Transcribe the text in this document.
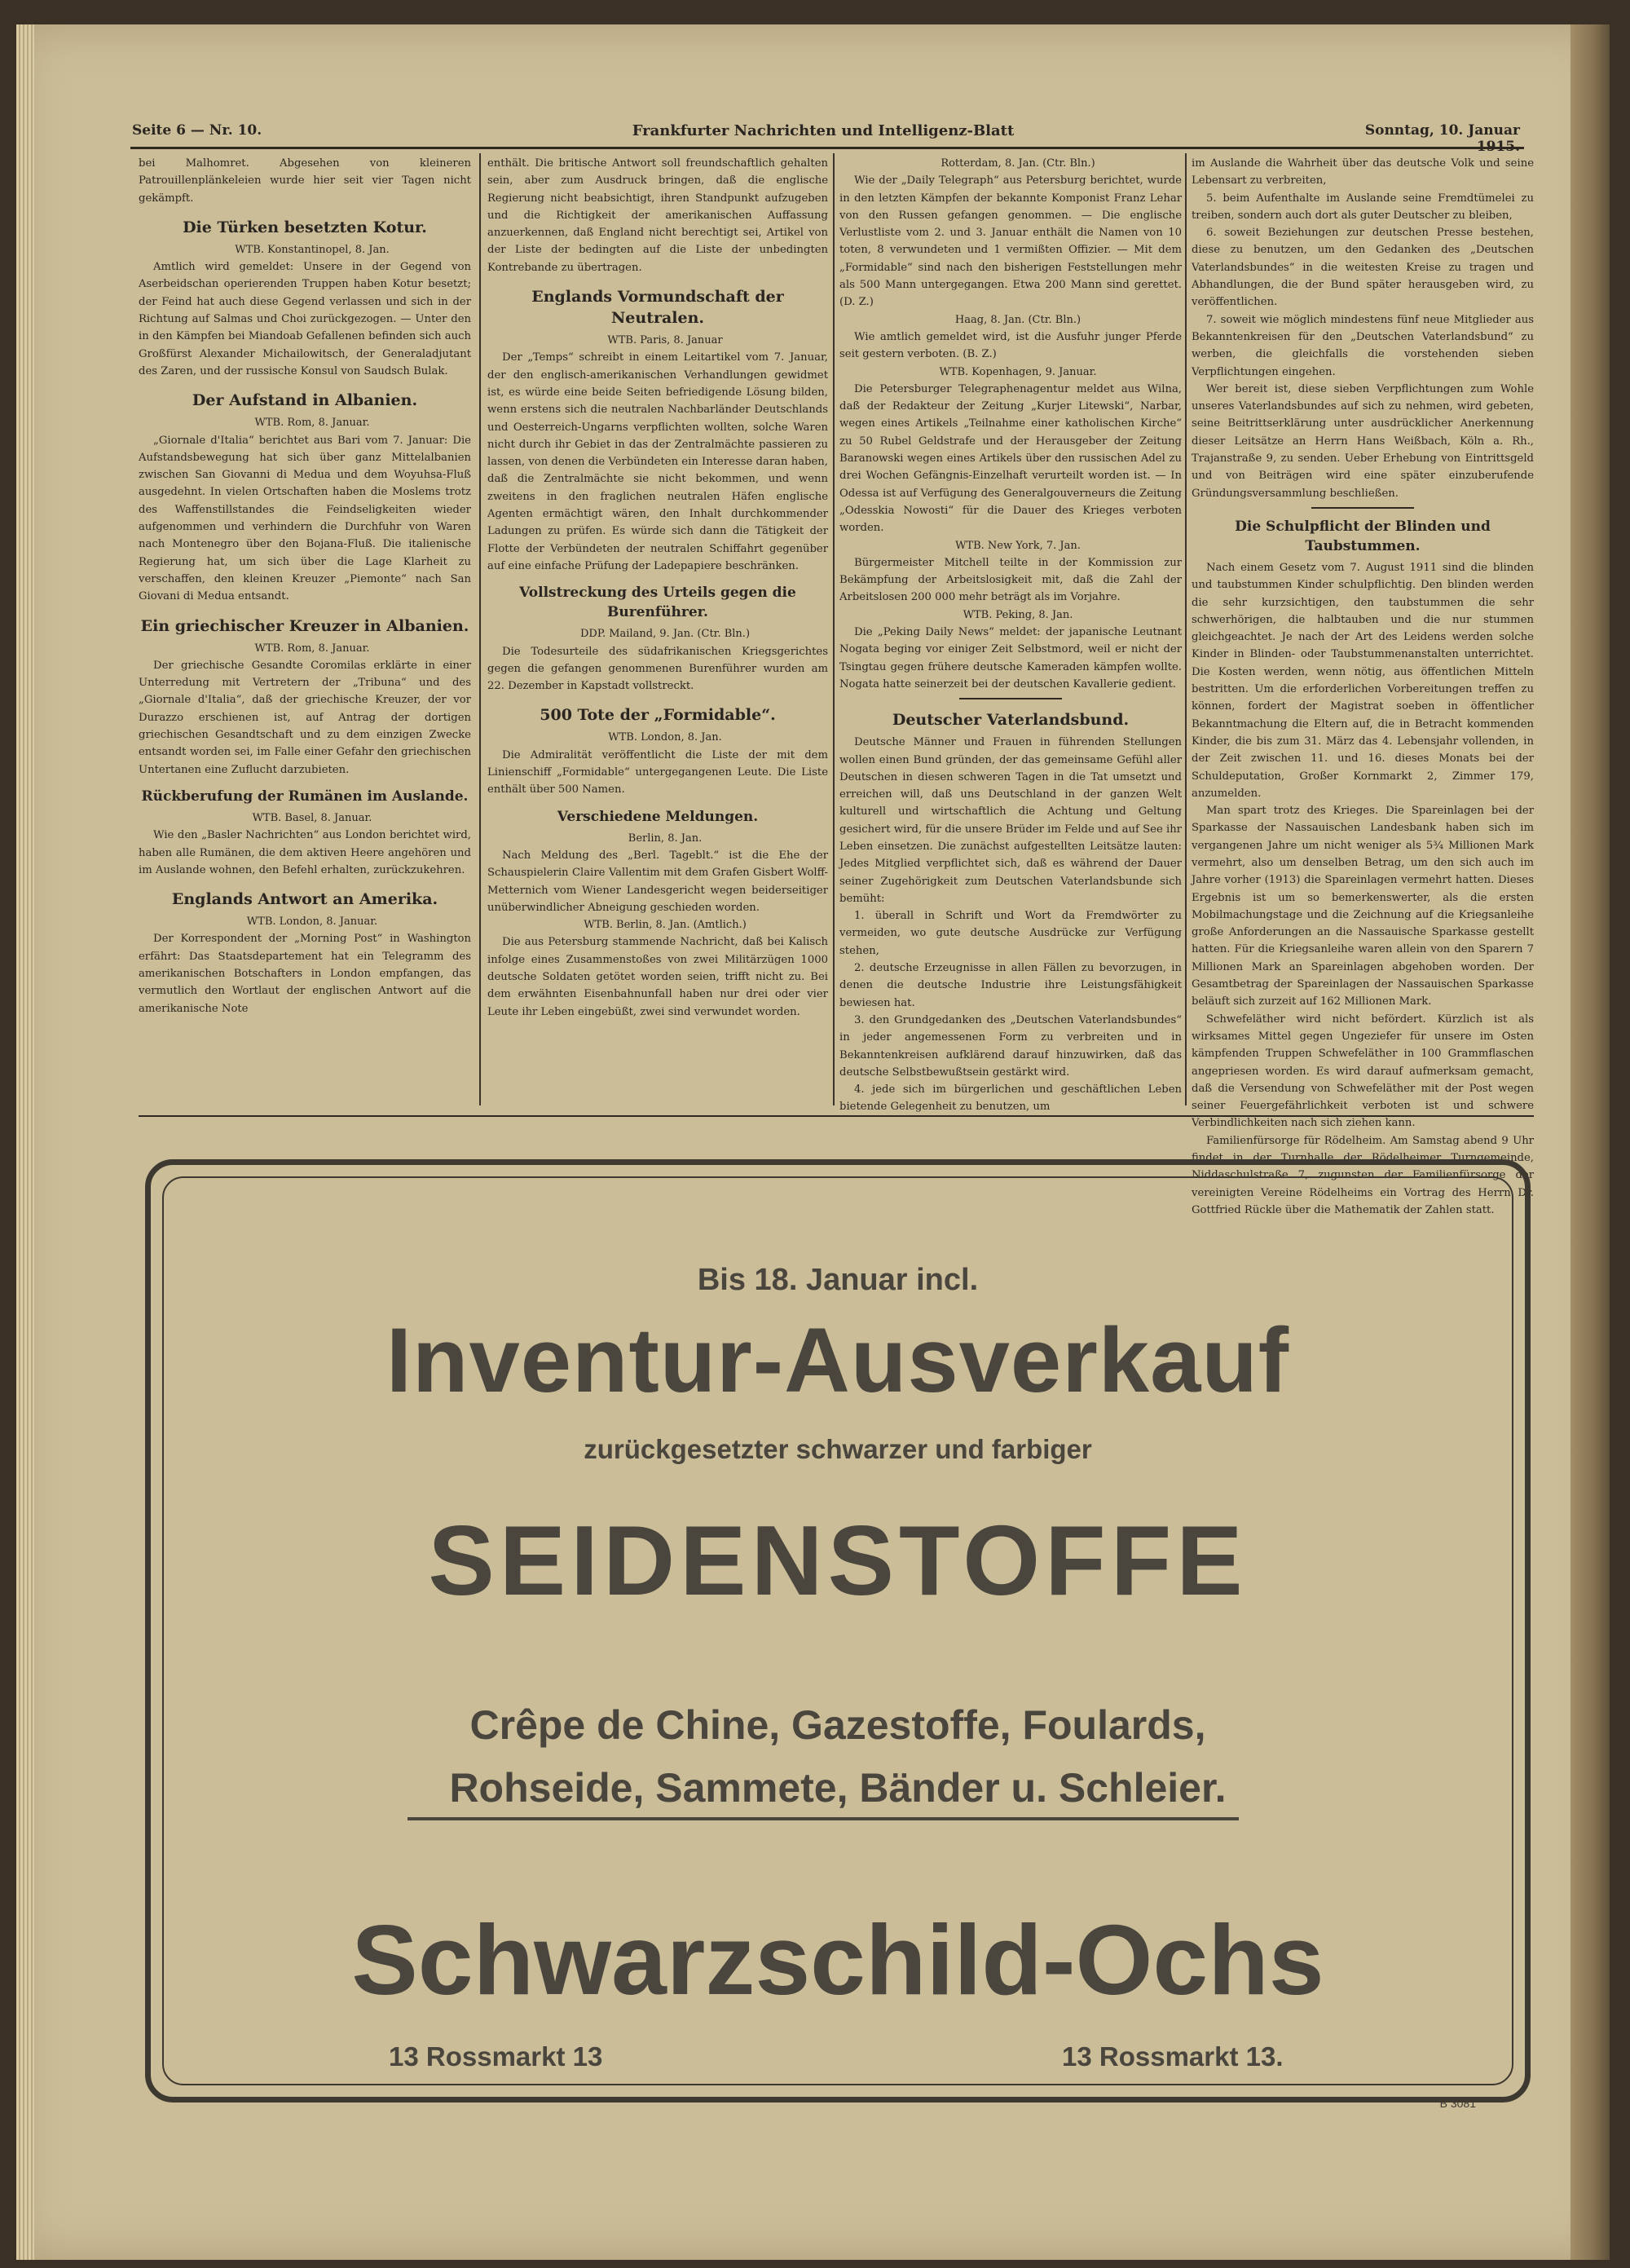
Seite 6 — Nr. 10.	Frankfurter Nachrichten und Intelligenz-Blatt	Sonntag, 10. Januar

bei Malhomret. Abgesehen von kleineren Patrouillenplänkeleien wurde hier seit vier Tagen nicht gekämpft.

Die Türken besetzten Kotur.

WTB. Konstantinopel, 8. Jan.

Amtlich wird gemeldet: Unsere in der Gegend von Aserbeidschan operierenden Truppen haben Kotur besetzt; der Feind hat auch diese Gegend verlassen und sich in der Richtung auf Salmas und Choi zurückgezogen. — Unter den in den Kämpfen bei Miandoab Gefallenen befinden sich auch Großfürst Alexander Michailowitsch, der Generaladjutant des Zaren, und der russische Konsul von Saudsch Bulak.

Der Aufstand in Albanien.

WTB. Rom, 8. Januar.

„Giornale d'Italia“ berichtet aus Bari vom 7. Januar: Die Aufstandsbewegung hat sich über ganz Mittelalbanien zwischen San Giovanni di Medua und dem Woyuhsa-Fluß ausgedehnt. In vielen Ortschaften haben die Moslems trotz des Waffenstillstandes die Feindseligkeiten wieder aufgenommen und verhindern die Durchfuhr von Waren nach Montenegro über den Bojana-Fluß. Die italienische Regierung hat, um sich über die Lage Klarheit zu verschaffen, den kleinen Kreuzer „Piemonte“ nach San Giovani di Medua entsandt.

Ein griechischer Kreuzer in Albanien.

WTB. Rom, 8. Januar.

Der griechische Gesandte Coromilas erklärte in einer Unterredung mit Vertretern der „Tribuna“ und des „Giornale d'Italia“, daß der griechische Kreuzer, der vor Durazzo erschienen ist, auf Antrag der dortigen griechischen Gesandtschaft und zu dem einzigen Zwecke entsandt worden sei, im Falle einer Gefahr den griechischen Untertanen eine Zuflucht darzubieten.

Rückberufung der Rumänen im Auslande.

WTB. Basel, 8. Januar.

Wie den „Basler Nachrichten“ aus London berichtet wird, haben alle Rumänen, die dem aktiven Heere angehören und im Auslande wohnen, den Befehl erhalten, zurückzukehren.

Englands Antwort an Amerika.

WTB. London, 8. Januar.

Der Korrespondent der „Morning Post“ in Washington erfährt: Das Staatsdepartement hat ein Telegramm des amerikanischen Botschafters in London empfangen, das vermutlich den Wortlaut der englischen Antwort auf die amerikanische Note

enthält. Die britische Antwort soll freundschaftlich gehalten sein, aber zum Ausdruck bringen, daß die englische Regierung nicht beabsichtigt, ihren Standpunkt aufzugeben und die Richtigkeit der amerikanischen Auffassung anzuerkennen, daß England nicht berechtigt sei, Artikel von der Liste der bedingten auf die Liste der unbedingten Kontrebande zu übertragen.

Englands Vormundschaft der Neutralen.

WTB. Paris, 8. Januar

Der „Temps“ schreibt in einem Leitartikel vom 7. Januar, der den englisch-amerikanischen Verhandlungen gewidmet ist, es würde eine beide Seiten befriedigende Lösung bilden, wenn erstens sich die neutralen Nachbarländer Deutschlands und Oesterreich-Ungarns verpflichten wollten, solche Waren nicht durch ihr Gebiet in das der Zentralmächte passieren zu lassen, von denen die Verbündeten ein Interesse daran haben, daß die Zentralmächte sie nicht bekommen, und wenn zweitens in den fraglichen neutralen Häfen englische Agenten ermächtigt wären, den Inhalt durchkommender Ladungen zu prüfen. Es würde sich dann die Tätigkeit der Flotte der Verbündeten der neutralen Schiffahrt gegenüber auf eine einfache Prüfung der Ladepapiere beschränken.

Vollstreckung des Urteils gegen die Burenführer.

DDP. Mailand, 9. Jan. (Ctr. Bln.)

Die Todesurteile des südafrikanischen Kriegsgerichtes gegen die gefangen genommenen Burenführer wurden am 22. Dezember in Kapstadt vollstreckt.

500 Tote der „Formidable“.

WTB. London, 8. Jan.

Die Admiralität veröffentlicht die Liste der mit dem Linienschiff „Formidable“ untergegangenen Leute. Die Liste enthält über 500 Namen.

Verschiedene Meldungen.

Berlin, 8. Jan.

Nach Meldung des „Berl. Tageblt.“ ist die Ehe der Schauspielerin Claire Vallentim mit dem Grafen Gisbert Wolff-Metternich vom Wiener Landesgericht wegen beiderseitiger unüberwindlicher Abneigung geschieden worden.

WTB. Berlin, 8. Jan. (Amtlich.)

Die aus Petersburg stammende Nachricht, daß bei Kalisch infolge eines Zusammenstoßes von zwei Militärzügen 1000 deutsche Soldaten getötet worden seien, trifft nicht zu. Bei dem erwähnten Eisenbahnunfall haben nur drei oder vier Leute ihr Leben eingebüßt, zwei sind verwundet worden.

Rotterdam, 8. Jan. (Ctr. Bln.)

Wie der „Daily Telegraph“ aus Petersburg berichtet, wurde in den letzten Kämpfen der bekannte Komponist Franz Lehar von den Russen gefangen genommen. — Die englische Verlustliste vom 2. und 3. Januar enthält die Namen von 10 toten, 8 verwundeten und 1 vermißten Offizier. — Mit dem „Formidable“ sind nach den bisherigen Feststellungen mehr als 500 Mann untergegangen. Etwa 200 Mann sind gerettet. (D. Z.)

Haag, 8. Jan. (Ctr. Bln.)

Wie amtlich gemeldet wird, ist die Ausfuhr junger Pferde seit gestern verboten. (B. Z.)

WTB. Kopenhagen, 9. Januar.

Die Petersburger Telegraphenagentur meldet aus Wilna, daß der Redakteur der Zeitung „Kurjer Litewski“, Narbar, wegen eines Artikels „Teilnahme einer katholischen Kirche“ zu 50 Rubel Geldstrafe und der Herausgeber der Zeitung Baranowski wegen eines Artikels über den russischen Adel zu drei Wochen Gefängnis-Einzelhaft verurteilt worden ist. — In Odessa ist auf Verfügung des Generalgouverneurs die Zeitung „Odesskia Nowosti“ für die Dauer des Krieges verboten worden.

WTB. New York, 7. Jan.

Bürgermeister Mitchell teilte in der Kommission zur Bekämpfung der Arbeitslosigkeit mit, daß die Zahl der Arbeitslosen 200 000 mehr beträgt als im Vorjahre.

WTB. Peking, 8. Jan.

Die „Peking Daily News“ meldet: der japanische Leutnant Nogata beging vor einiger Zeit Selbstmord, weil er nicht der Tsingtau gegen frühere deutsche Kameraden kämpfen wollte. Nogata hatte seinerzeit bei der deutschen Kavallerie gedient.

Deutscher Vaterlandsbund.

Deutsche Männer und Frauen in führenden Stellungen wollen einen Bund gründen, der das gemeinsame Gefühl aller Deutschen in diesen schweren Tagen in die Tat umsetzt und erreichen will, daß uns Deutschland in der ganzen Welt kulturell und wirtschaftlich die Achtung und Geltung gesichert wird, für die unsere Brüder im Felde und auf See ihr Leben einsetzen. Die zunächst aufgestellten Leitsätze lauten: Jedes Mitglied verpflichtet sich, daß es während der Dauer seiner Zugehörigkeit zum Deutschen Vaterlandsbunde sich bemüht:

1. überall in Schrift und Wort da Fremdwörter zu vermeiden, wo gute deutsche Ausdrücke zur Verfügung stehen,

2. deutsche Erzeugnisse in allen Fällen zu bevorzugen, in denen die deutsche Industrie ihre Leistungsfähigkeit bewiesen hat.

3. den Grundgedanken des „Deutschen Vaterlandsbundes“ in jeder angemessenen Form zu verbreiten und in Bekanntenkreisen aufklärend darauf hinzuwirken, daß das deutsche Selbstbewußtsein gestärkt wird.

4. jede sich im bürgerlichen und geschäftlichen Leben bietende Gelegenheit zu benutzen, um

im Auslande die Wahrheit über das deutsche Volk und seine Lebensart zu verbreiten,

5. beim Aufenthalte im Auslande seine Fremdtümelei zu treiben, sondern auch dort als guter Deutscher zu bleiben,

6. soweit Beziehungen zur deutschen Presse bestehen, diese zu benutzen, um den Gedanken des „Deutschen Vaterlandsbundes“ in die weitesten Kreise zu tragen und Abhandlungen, die der Bund später herausgeben wird, zu veröffentlichen.

7. soweit wie möglich mindestens fünf neue Mitglieder aus Bekanntenkreisen für den „Deutschen Vaterlandsbund“ zu werben, die gleichfalls die vorstehenden sieben Verpflichtungen eingehen.

Wer bereit ist, diese sieben Verpflichtungen zum Wohle unseres Vaterlandsbundes auf sich zu nehmen, wird gebeten, seine Beitrittserklärung unter ausdrücklicher Anerkennung dieser Leitsätze an Herrn Hans Weißbach, Köln a. Rh., Trajanstraße 9, zu senden. Ueber Erhebung von Eintrittsgeld und von Beiträgen wird eine später einzuberufende Gründungsversammlung beschließen.

Die Schulpflicht der Blinden und Taubstummen.

Nach einem Gesetz vom 7. August 1911 sind die blinden und taubstummen Kinder schulpflichtig. Den blinden werden die sehr kurzsichtigen, den taubstummen die sehr schwerhörigen, die halbtauben und die nur stummen gleichgeachtet. Je nach der Art des Leidens werden solche Kinder in Blinden- oder Taubstummenanstalten unterrichtet. Die Kosten werden, wenn nötig, aus öffentlichen Mitteln bestritten. Um die erforderlichen Vorbereitungen treffen zu können, fordert der Magistrat soeben in öffentlicher Bekanntmachung die Eltern auf, die in Betracht kommenden Kinder, die bis zum 31. März das 4. Lebensjahr vollenden, in der Zeit zwischen 11. und 16. dieses Monats bei der Schuldeputation, Großer Kornmarkt 2, Zimmer 179, anzumelden.

Man spart trotz des Krieges. Die Spareinlagen bei der Sparkasse der Nassauischen Landesbank haben sich im vergangenen Jahre um nicht weniger als 5¾ Millionen Mark vermehrt, also um denselben Betrag, um den sich auch im Jahre vorher (1913) die Spareinlagen vermehrt hatten. Dieses Ergebnis ist um so bemerkenswerter, als die ersten Mobilmachungstage und die Zeichnung auf die Kriegsanleihe große Anforderungen an die Nassauische Sparkasse gestellt hatten. Für die Kriegsanleihe waren allein von den Sparern 7 Millionen Mark an Spareinlagen abgehoben worden. Der Gesamtbetrag der Spareinlagen der Nassauischen Sparkasse beläuft sich zurzeit auf 162 Millionen Mark.

Schwefeläther wird nicht befördert. Kürzlich ist als wirksames Mittel gegen Ungeziefer für unsere im Osten kämpfenden Truppen Schwefeläther in 100 Grammflaschen angepriesen worden. Es wird darauf aufmerksam gemacht, daß die Versendung von Schwefeläther mit der Post wegen seiner Feuergefährlichkeit verboten ist und schwere Verbindlichkeiten nach sich ziehen kann.

Familienfürsorge für Rödelheim. Am Samstag abend 9 Uhr findet in der Turnhalle der Rödelheimer Turngemeinde, Niddaschulstraße 7, zugunsten der Familienfürsorge der vereinigten Vereine Rödelheims ein Vortrag des Herrn Dr. Gottfried Rückle über die Mathematik der Zahlen statt.

Bis 18. Januar incl.
Inventur-Ausverkauf
zurückgesetzter schwarzer und farbiger
SEIDENSTOFFE
Crêpe de Chine, Gazestoffe, Foulards,
Rohseide, Sammete, Bänder u. Schleier.
Schwarzschild-Ochs
13 Rossmarkt 13	13 Rossmarkt 13.
B 3081
